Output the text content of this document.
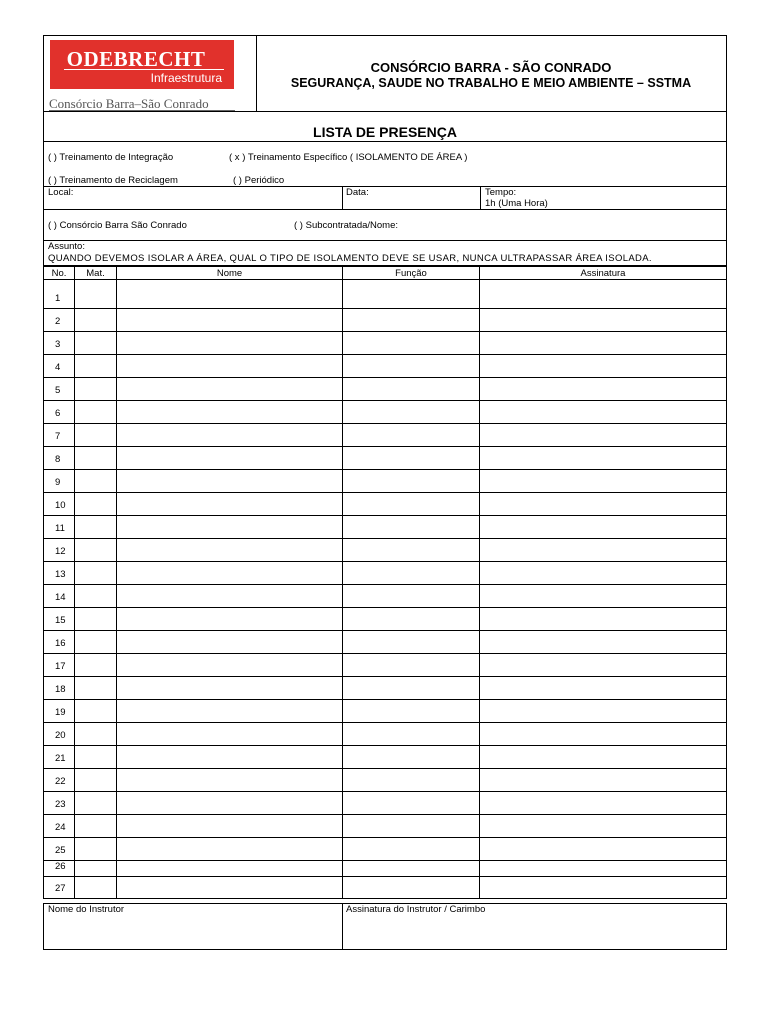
ODEBRECHT
Infraestrutura
Consórcio Barra–São Conrado
CONSÓRCIO BARRA - SÃO CONRADO
SEGURANÇA, SAUDE NO TRABALHO E MEIO AMBIENTE – SSTMA
LISTA DE PRESENÇA
( ) Treinamento de Integração	( x ) Treinamento Específico ( ISOLAMENTO DE ÁREA )
( ) Treinamento de Reciclagem	( ) Periódico
Local:	Data:	Tempo:
1h (Uma Hora)
( ) Consórcio Barra São Conrado	( ) Subcontratada/Nome:
Assunto:
QUANDO DEVEMOS ISOLAR A ÁREA, QUAL O TIPO DE ISOLAMENTO DEVE SE USAR, NUNCA ULTRAPASSAR ÁREA ISOLADA.
No.	Mat.	Nome	Função	Assinatura
1				
2				
3				
4				
5				
6				
7				
8				
9				
10				
11				
12				
13				
14				
15				
16				
17				
18				
19				
20				
21				
22				
23				
24				
25				
26				
27				
Nome do Instrutor	Assinatura do Instrutor / Carimbo
